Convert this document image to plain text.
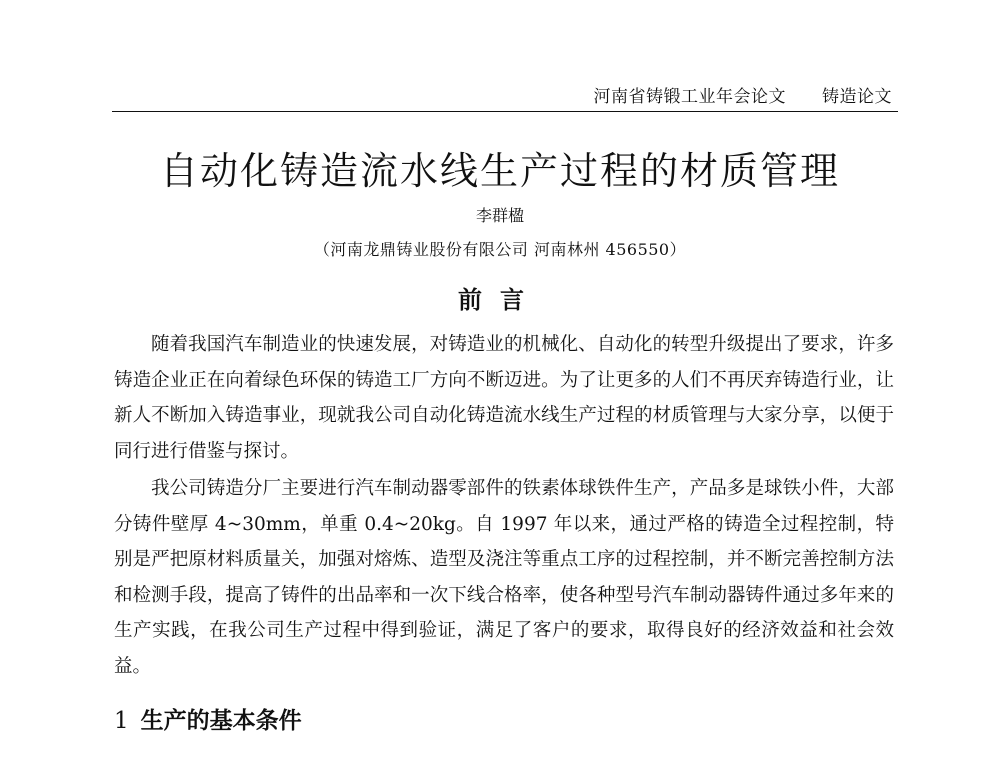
河南省铸锻工业年会论文 铸造论文
自动化铸造流水线生产过程的材质管理
李群楹
（河南龙鼎铸业股份有限公司 河南林州 456550）
前言

随着我国汽车制造业的快速发展，对铸造业的机械化、自动化的转型升级提出了要求，许多铸造企业正在向着绿色环保的铸造工厂方向不断迈进。为了让更多的人们不再厌弃铸造行业，让新人不断加入铸造事业，现就我公司自动化铸造流水线生产过程的材质管理与大家分享，以便于同行进行借鉴与探讨。

我公司铸造分厂主要进行汽车制动器零部件的铁素体球铁件生产，产品多是球铁小件，大部分铸件壁厚 4~30mm，单重 0.4~20kg。自 1997 年以来，通过严格的铸造全过程控制，特别是严把原材料质量关，加强对熔炼、造型及浇注等重点工序的过程控制，并不断完善控制方法和检测手段，提高了铸件的出品率和一次下线合格率，使各种型号汽车制动器铸件通过多年来的生产实践，在我公司生产过程中得到验证，满足了客户的要求，取得良好的经济效益和社会效益。

1 生产的基本条件
